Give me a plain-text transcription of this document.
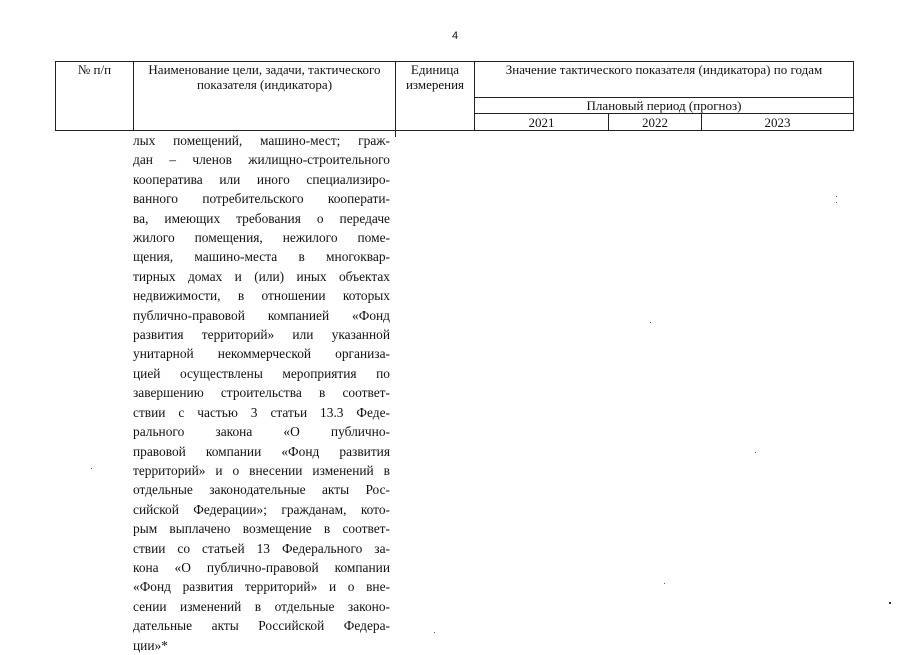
4
№ п/п	Наименование цели, задачи, тактического показателя (индикатора)	Единица измерения	Значение тактического показателя (индикатора) по годам		
			Плановый период (прогноз)		
			2021	2022	2023
лых помещений, машино-мест; граж-
дан – членов жилищно-строительного
кооператива или иного специализиро-
ванного потребительского кооперати-
ва, имеющих требования о передаче
жилого помещения, нежилого поме-
щения, машино-места в многоквар-
тирных домах и (или) иных объектах
недвижимости, в отношении которых
публично-правовой компанией «Фонд
развития территорий» или указанной
унитарной некоммерческой организа-
цией осуществлены мероприятия по
завершению строительства в соответ-
ствии с частью 3 статьи 13.3 Феде-
рального закона «О публично-
правовой компании «Фонд развития
территорий» и о внесении изменений в
отдельные законодательные акты Рос-
сийской Федерации»; гражданам, кото-
рым выплачено возмещение в соответ-
ствии со статьей 13 Федерального за-
кона «О публично-правовой компании
«Фонд развития территорий» и о вне-
сении изменений в отдельные законо-
дательные акты Российской Федера-
ции»*
